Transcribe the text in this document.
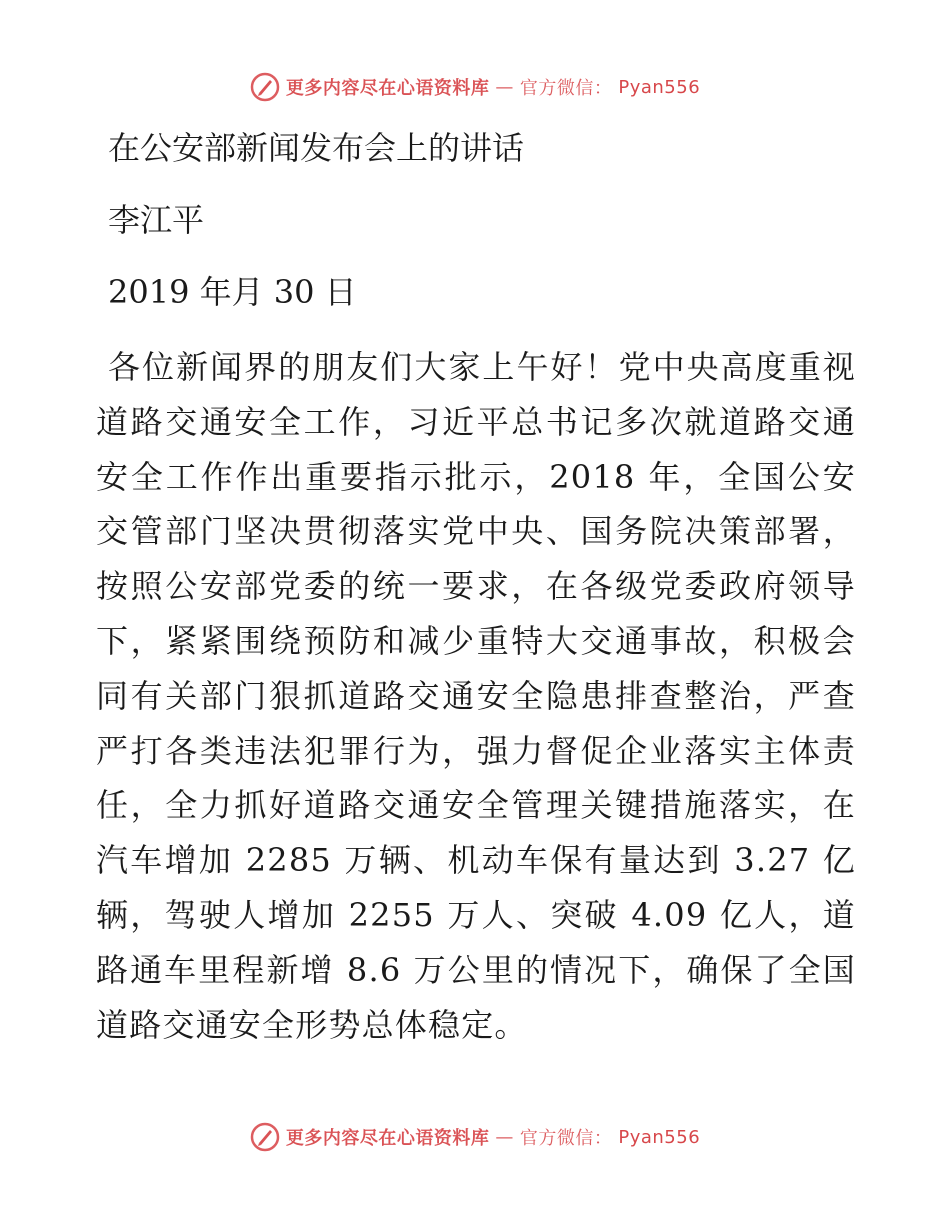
更多内容尽在心语资料库 — 官方微信： Pyan556

在公安部新闻发布会上的讲话

李江平

2019 年月 30 日

各位新闻界的朋友们大家上午好！党中央高度重视道路交通安全工作，习近平总书记多次就道路交通安全工作作出重要指示批示，2018 年，全国公安交管部门坚决贯彻落实党中央、国务院决策部署，按照公安部党委的统一要求，在各级党委政府领导下，紧紧围绕预防和减少重特大交通事故，积极会同有关部门狠抓道路交通安全隐患排查整治，严查严打各类违法犯罪行为，强力督促企业落实主体责任，全力抓好道路交通安全管理关键措施落实，在汽车增加 2285 万辆、机动车保有量达到 3.27 亿辆，驾驶人增加 2255 万人、突破 4.09 亿人，道路通车里程新增 8.6 万公里的情况下，确保了全国道路交通安全形势总体稳定。

更多内容尽在心语资料库 — 官方微信： Pyan556
